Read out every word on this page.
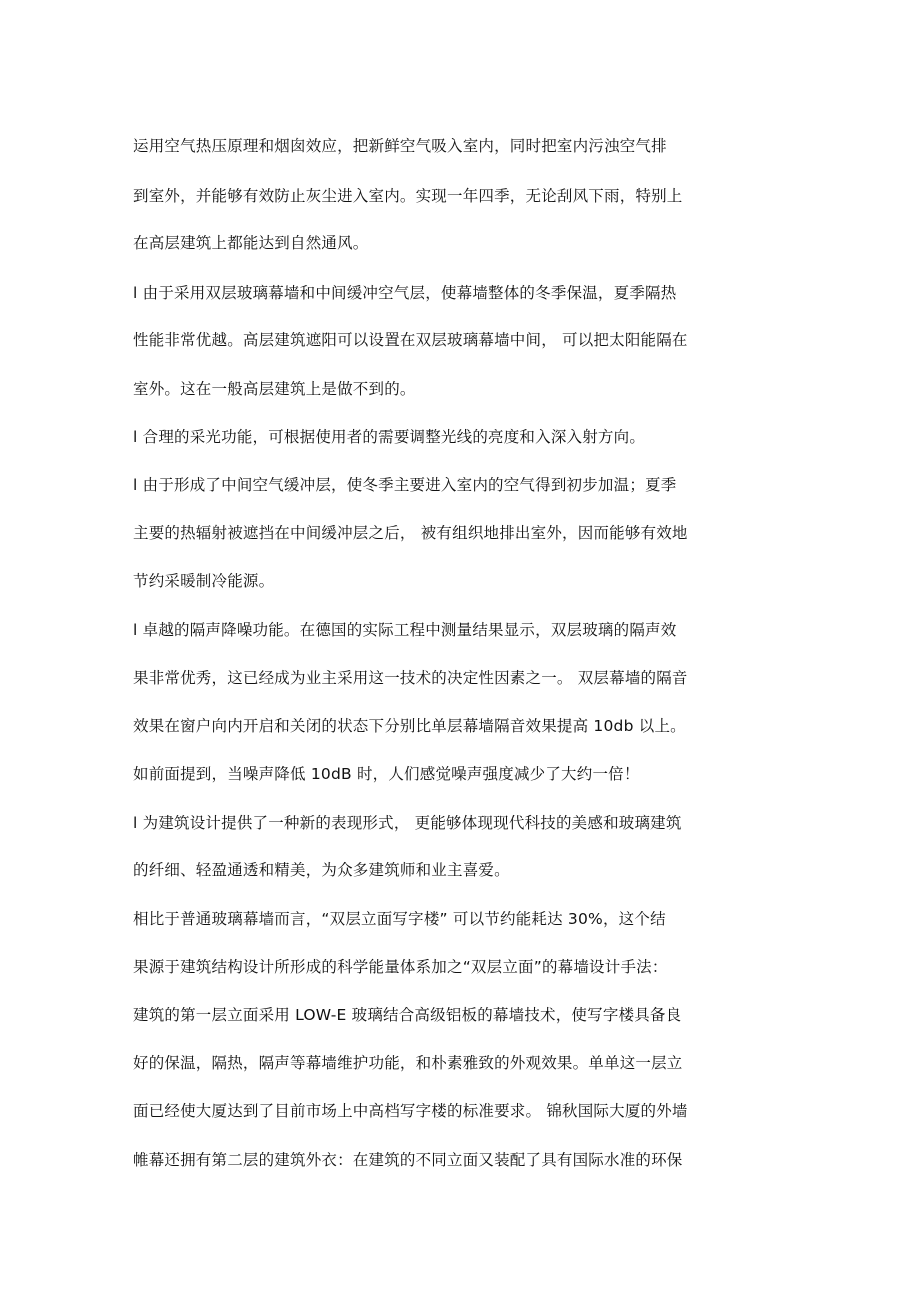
运用空气热压原理和烟囱效应，把新鲜空气吸入室内，同时把室内污浊空气排
到室外，并能够有效防止灰尘进入室内。实现一年四季，无论刮风下雨，特别上
在高层建筑上都能达到自然通风。
l 由于采用双层玻璃幕墙和中间缓冲空气层，使幕墙整体的冬季保温，夏季隔热
性能非常优越。高层建筑遮阳可以设置在双层玻璃幕墙中间， 可以把太阳能隔在
室外。这在一般高层建筑上是做不到的。
l 合理的采光功能，可根据使用者的需要调整光线的亮度和入深入射方向。
l 由于形成了中间空气缓冲层，使冬季主要进入室内的空气得到初步加温；夏季
主要的热辐射被遮挡在中间缓冲层之后， 被有组织地排出室外，因而能够有效地
节约采暖制冷能源。
l 卓越的隔声降噪功能。在德国的实际工程中测量结果显示，双层玻璃的隔声效
果非常优秀，这已经成为业主采用这一技术的决定性因素之一。 双层幕墙的隔音
效果在窗户向内开启和关闭的状态下分别比单层幕墙隔音效果提高 10db 以上。
如前面提到，当噪声降低 10dB 时，人们感觉噪声强度减少了大约一倍！
l 为建筑设计提供了一种新的表现形式， 更能够体现现代科技的美感和玻璃建筑
的纤细、轻盈通透和精美，为众多建筑师和业主喜爱。
相比于普通玻璃幕墙而言，“双层立面写字楼” 可以节约能耗达 30%，这个结
果源于建筑结构设计所形成的科学能量体系加之“双层立面”的幕墙设计手法：
建筑的第一层立面采用 LOW-E 玻璃结合高级铝板的幕墙技术，使写字楼具备良
好的保温，隔热，隔声等幕墙维护功能，和朴素雅致的外观效果。单单这一层立
面已经使大厦达到了目前市场上中高档写字楼的标准要求。 锦秋国际大厦的外墙
帷幕还拥有第二层的建筑外衣：在建筑的不同立面又装配了具有国际水准的环保
